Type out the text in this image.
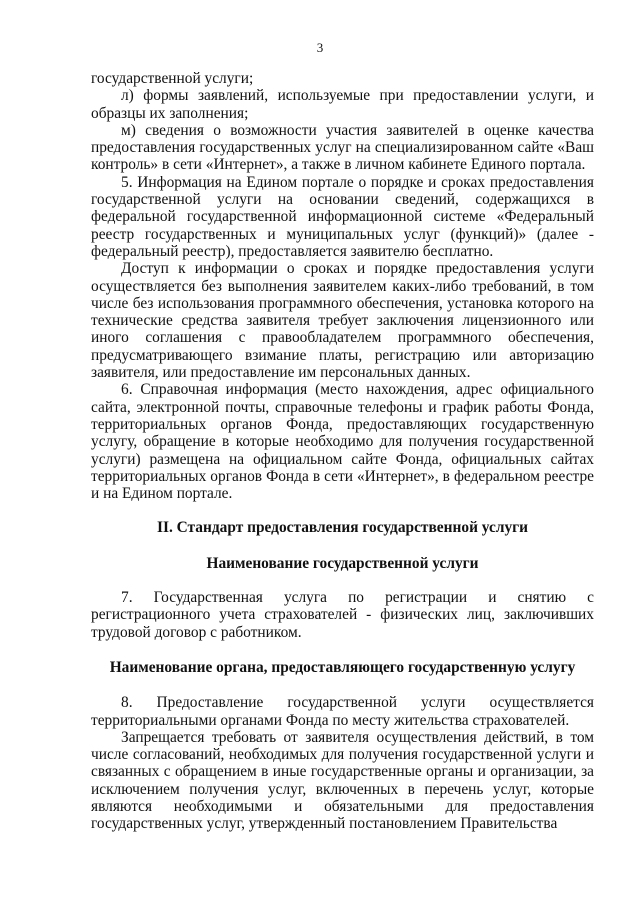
3

государственной услуги;

л) формы заявлений, используемые при предоставлении услуги, и образцы их заполнения;

м) сведения о возможности участия заявителей в оценке качества предоставления государственных услуг на специализированном сайте «Ваш контроль» в сети «Интернет», а также в личном кабинете Единого портала.

5. Информация на Едином портале о порядке и сроках предоставления государственной услуги на основании сведений, содержащихся в федеральной государственной информационной системе «Федеральный реестр государственных и муниципальных услуг (функций)» (далее - федеральный реестр), предоставляется заявителю бесплатно.

Доступ к информации о сроках и порядке предоставления услуги осуществляется без выполнения заявителем каких-либо требований, в том числе без использования программного обеспечения, установка которого на технические средства заявителя требует заключения лицензионного или иного соглашения с правообладателем программного обеспечения, предусматривающего взимание платы, регистрацию или авторизацию заявителя, или предоставление им персональных данных.

6. Справочная информация (место нахождения, адрес официального сайта, электронной почты, справочные телефоны и график работы Фонда, территориальных органов Фонда, предоставляющих государственную услугу, обращение в которые необходимо для получения государственной услуги) размещена на официальном сайте Фонда, официальных сайтах территориальных органов Фонда в сети «Интернет», в федеральном реестре и на Едином портале.

II. Стандарт предоставления государственной услуги

Наименование государственной услуги

7. Государственная услуга по регистрации и снятию с регистрационного учета страхователей - физических лиц, заключивших трудовой договор с работником.

Наименование органа, предоставляющего государственную услугу

8. Предоставление государственной услуги осуществляется территориальными органами Фонда по месту жительства страхователей.

Запрещается требовать от заявителя осуществления действий, в том числе согласований, необходимых для получения государственной услуги и связанных с обращением в иные государственные органы и организации, за исключением получения услуг, включенных в перечень услуг, которые являются необходимыми и обязательными для предоставления государственных услуг, утвержденный постановлением Правительства
